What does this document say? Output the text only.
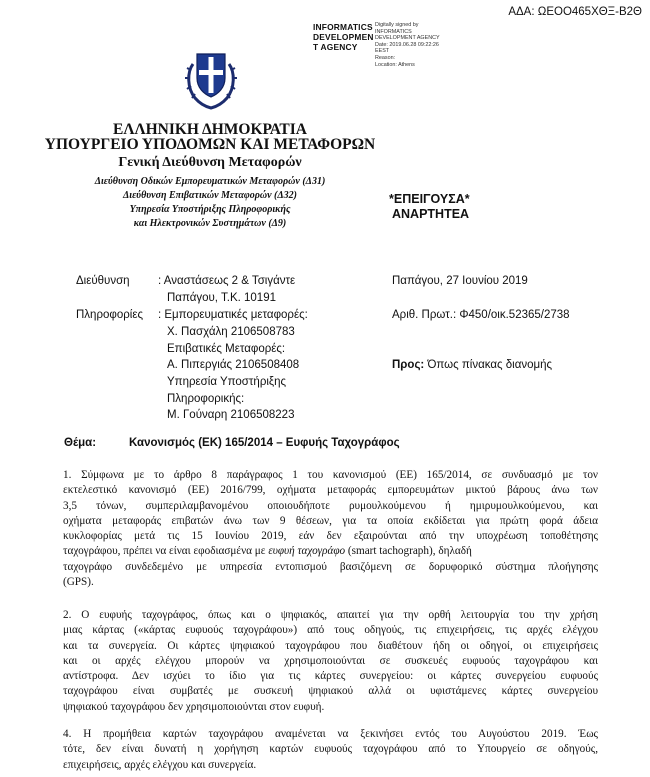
ΑΔΑ: ΩΕΟΟ465ΧΘΞ-Β2Θ
INFORMATICS
DEVELOPMEN
T AGENCY
Digitally signed by
INFORMATICS
DEVELOPMENT AGENCY
Date: 2019.06.28 09:22:26
EEST
Reason:
Location: Athens
ΕΛΛΗΝΙΚΗ ΔΗΜΟΚΡΑΤΙΑ
ΥΠΟΥΡΓΕΙΟ ΥΠΟΔΟΜΩΝ ΚΑΙ ΜΕΤΑΦΟΡΩΝ
Γενική Διεύθυνση Μεταφορών
Διεύθυνση Οδικών Εμπορευματικών Μεταφορών (Δ31)
Διεύθυνση Επιβατικών Μεταφορών (Δ32)
Υπηρεσία Υποστήριξης Πληροφορικής
και Ηλεκτρονικών Συστημάτων (Δ9)
*ΕΠΕΙΓΟΥΣΑ*
ΑΝΑΡΤΗΤΕΑ
Διεύθυνση : Αναστάσεως 2 & Τσιγάντε
Παπάγου, Τ.Κ. 10191
Πληροφορίες : Εμπορευματικές μεταφορές:
Χ. Πασχάλη 2106508783
Επιβατικές Μεταφορές:
Α. Πιπεργιάς 2106508408
Υπηρεσία Υποστήριξης
Πληροφορικής:
Μ. Γούναρη 2106508223
Παπάγου, 27 Ιουνίου 2019
Αριθ. Πρωτ.: Φ450/οικ.52365/2738
Προς: Όπως πίνακας διανομής
Θέμα:	Κανονισμός (ΕΚ) 165/2014 – Ευφυής Ταχογράφος
1. Σύμφωνα με το άρθρο 8 παράγραφος 1 του κανονισμού (ΕΕ) 165/2014, σε συνδυασμό με τον
εκτελεστικό κανονισμό (ΕΕ) 2016/799, οχήματα μεταφοράς εμπορευμάτων μικτού βάρους άνω των
3,5 τόνων, συμπεριλαμβανομένου οποιουδήποτε ρυμουλκούμενου ή ημιρυμουλκούμενου, και
οχήματα μεταφοράς επιβατών άνω των 9 θέσεων, για τα οποία εκδίδεται για πρώτη φορά άδεια
κυκλοφορίας μετά τις 15 Ιουνίου 2019, εάν δεν εξαιρούνται από την υποχρέωση τοποθέτησης
ταχογράφου, πρέπει να είναι εφοδιασμένα με ευφυή ταχογράφο (smart tachograph), δηλαδή
ταχογράφο συνδεδεμένο με υπηρεσία εντοπισμού βασιζόμενη σε δορυφορικό σύστημα πλοήγησης
(GPS).
2. Ο ευφυής ταχογράφος, όπως και ο ψηφιακός, απαιτεί για την ορθή λειτουργία του την χρήση
μιας κάρτας («κάρτας ευφυούς ταχογράφου») από τους οδηγούς, τις επιχειρήσεις, τις αρχές ελέγχου
και τα συνεργεία. Οι κάρτες ψηφιακού ταχογράφου που διαθέτουν ήδη οι οδηγοί, οι επιχειρήσεις
και οι αρχές ελέγχου μπορούν να χρησιμοποιούνται σε συσκευές ευφυούς ταχογράφου και
αντίστροφα. Δεν ισχύει το ίδιο για τις κάρτες συνεργείου: οι κάρτες συνεργείου ευφυούς
ταχογράφου είναι συμβατές με συσκευή ψηφιακού αλλά οι υφιστάμενες κάρτες συνεργείου
ψηφιακού ταχογράφου δεν χρησιμοποιούνται στον ευφυή.
4. Η προμήθεια καρτών ταχογράφου αναμένεται να ξεκινήσει εντός του Αυγούστου 2019. Έως
τότε, δεν είναι δυνατή η χορήγηση καρτών ευφυούς ταχογράφου από το Υπουργείο σε οδηγούς,
επιχειρήσεις, αρχές ελέγχου και συνεργεία.
